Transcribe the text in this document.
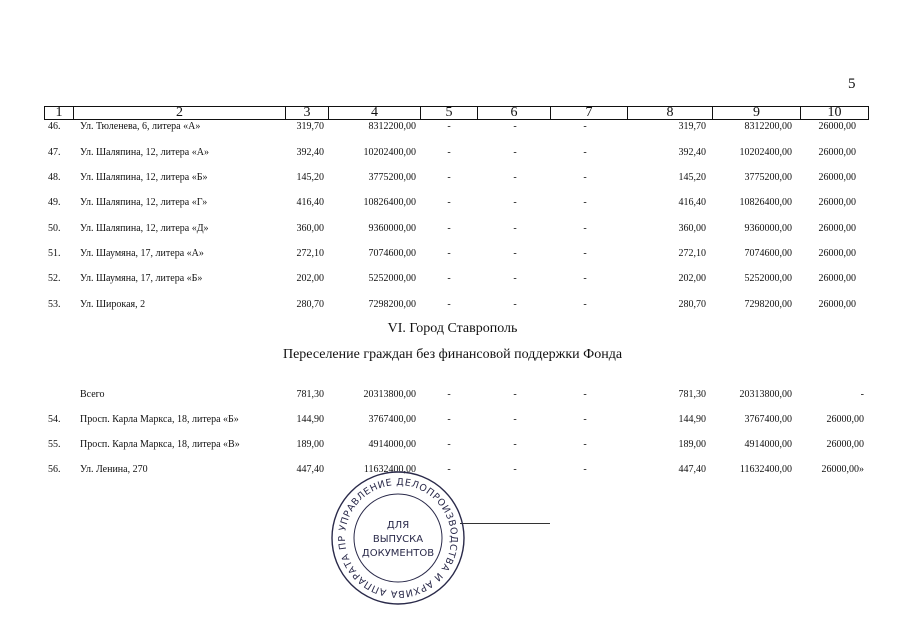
5
1	2	3	4	5	6	7	8	9	10
46. Ул. Тюленева, 6, литера «А»	319,70	8312200,00	-	-	-	319,70	8312200,00	26000,00
47. Ул. Шаляпина, 12, литера «А»	392,40	10202400,00	-	-	-	392,40	10202400,00	26000,00
48. Ул. Шаляпина, 12, литера «Б»	145,20	3775200,00	-	-	-	145,20	3775200,00	26000,00
49. Ул. Шаляпина, 12, литера «Г»	416,40	10826400,00	-	-	-	416,40	10826400,00	26000,00
50. Ул. Шаляпина, 12, литера «Д»	360,00	9360000,00	-	-	-	360,00	9360000,00	26000,00
51. Ул. Шаумяна, 17, литера «А»	272,10	7074600,00	-	-	-	272,10	7074600,00	26000,00
52. Ул. Шаумяна, 17, литера «Б»	202,00	5252000,00	-	-	-	202,00	5252000,00	26000,00
53. Ул. Широкая, 2	280,70	7298200,00	-	-	-	280,70	7298200,00	26000,00
VI. Город Ставрополь
Переселение граждан без финансовой поддержки Фонда
Всего	781,30	20313800,00	-	-	-	781,30	20313800,00	-
54. Просп. Карла Маркса, 18, литера «Б»	144,90	3767400,00	-	-	-	144,90	3767400,00	26000,00
55. Просп. Карла Маркса, 18, литера «В»	189,00	4914000,00	-	-	-	189,00	4914000,00	26000,00
56. Ул. Ленина, 270	447,40	11632400,00	-	-	-	447,40	11632400,00	26000,00»
УПРАВЛЕНИЕ ДЕЛОПРОИЗВОДСТВА И АРХИВА АППАРАТА ПР
ДЛЯ
ВЫПУСКА
ДОКУМЕНТОВ
